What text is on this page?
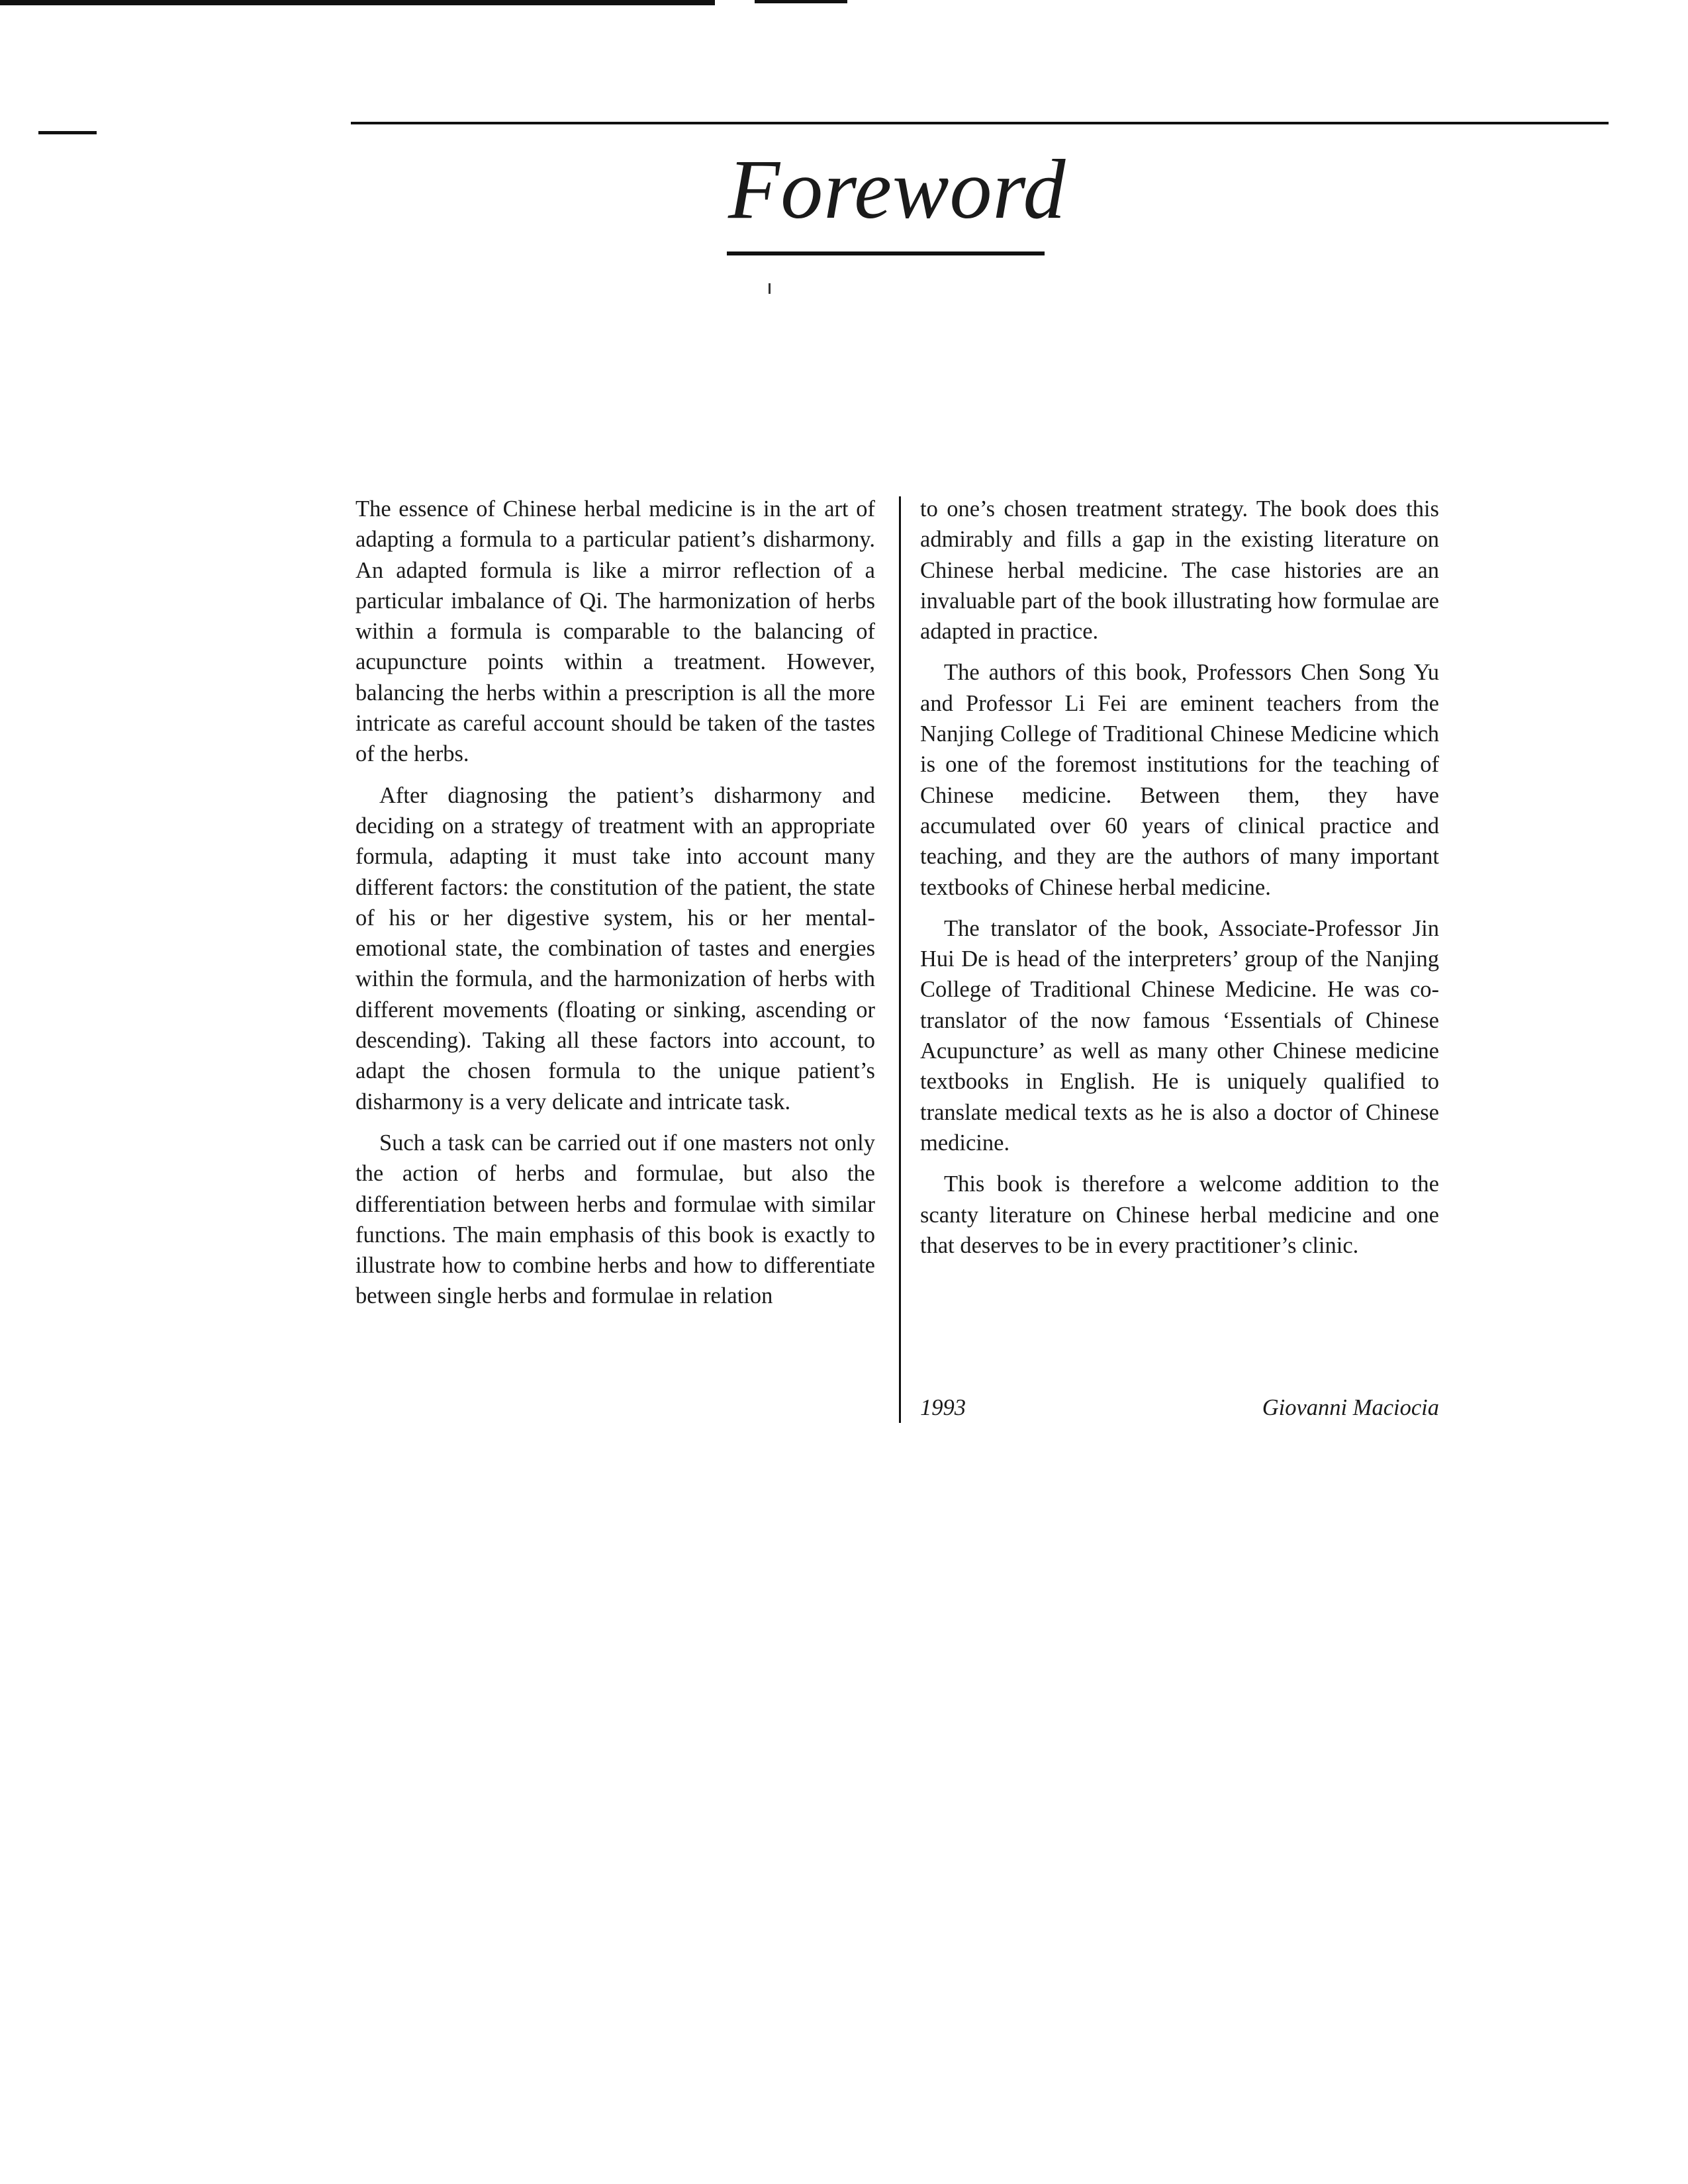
Foreword

The essence of Chinese herbal medicine is in the art of adapting a formula to a particular patient’s disharmony. An adapted formula is like a mirror reflection of a particular imbalance of Qi. The harmonization of herbs within a formula is comparable to the balancing of acupuncture points within a treatment. However, balancing the herbs within a prescription is all the more intricate as careful account should be taken of the tastes of the herbs.

After diagnosing the patient’s disharmony and deciding on a strategy of treatment with an appropriate formula, adapting it must take into account many different factors: the constitution of the patient, the state of his or her digestive system, his or her mental-emotional state, the combination of tastes and energies within the formula, and the harmonization of herbs with different movements (floating or sinking, ascending or descending). Taking all these factors into account, to adapt the chosen formula to the unique patient’s disharmony is a very delicate and intricate task.

Such a task can be carried out if one masters not only the action of herbs and formulae, but also the differentiation between herbs and formulae with similar functions. The main emphasis of this book is exactly to illustrate how to combine herbs and how to differentiate between single herbs and formulae in relation

to one’s chosen treatment strategy. The book does this admirably and fills a gap in the existing literature on Chinese herbal medicine. The case histories are an invaluable part of the book illustrating how formulae are adapted in practice.

The authors of this book, Professors Chen Song Yu and Professor Li Fei are eminent teachers from the Nanjing College of Traditional Chinese Medicine which is one of the foremost institutions for the teaching of Chinese medicine. Between them, they have accumulated over 60 years of clinical practice and teaching, and they are the authors of many important textbooks of Chinese herbal medicine.

The translator of the book, Associate-Professor Jin Hui De is head of the interpreters’ group of the Nanjing College of Traditional Chinese Medicine. He was co-translator of the now famous ‘Essentials of Chinese Acupuncture’ as well as many other Chinese medicine textbooks in English. He is uniquely qualified to translate medical texts as he is also a doctor of Chinese medicine.

This book is therefore a welcome addition to the scanty literature on Chinese herbal medicine and one that deserves to be in every practitioner’s clinic.

1993	Giovanni Maciocia
